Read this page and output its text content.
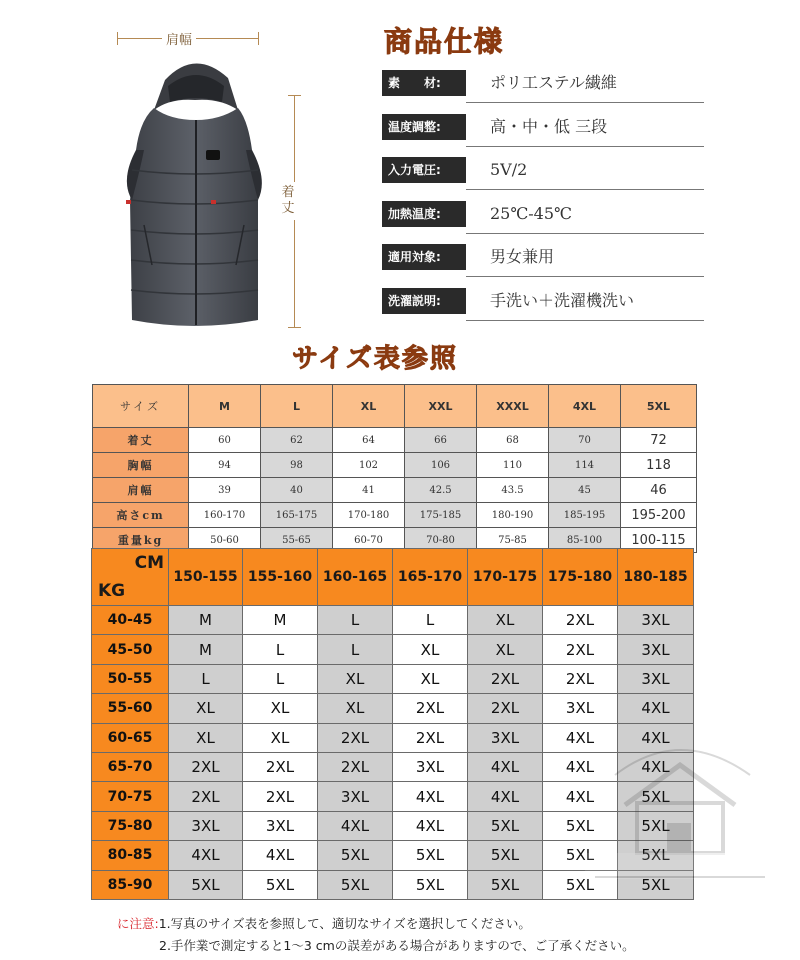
肩幅
着丈
商品仕様
素　　材:	ポリ工ステル繊維
温度調整:	高・中・低 三段
入力電圧:	5V/2
加熱温度:	25℃-45℃
適用対象:	男女兼用
洗濯説明:	手洗い＋洗濯機洗い
サイズ表参照
サイズ	M	L	XL	XXL	XXXL	4XL	5XL
着丈	60	62	64	66	68	70	72
胸幅	94	98	102	106	110	114	118
肩幅	39	40	41	42.5	43.5	45	46
高さcm	160-170	165-175	170-180	175-185	180-190	185-195	195-200
重量kg	50-60	55-65	60-70	70-80	75-85	85-100	100-115
CM
KG	150-155	155-160	160-165	165-170	170-175	175-180	180-185
40-45	M	M	L	L	XL	2XL	3XL
45-50	M	L	L	XL	XL	2XL	3XL
50-55	L	L	XL	XL	2XL	2XL	3XL
55-60	XL	XL	XL	2XL	2XL	3XL	4XL
60-65	XL	XL	2XL	2XL	3XL	4XL	4XL
65-70	2XL	2XL	2XL	3XL	4XL	4XL	4XL
70-75	2XL	2XL	3XL	4XL	4XL	4XL	5XL
75-80	3XL	3XL	4XL	4XL	5XL	5XL	5XL
80-85	4XL	4XL	5XL	5XL	5XL	5XL	5XL
85-90	5XL	5XL	5XL	5XL	5XL	5XL	5XL
に注意:1.写真のサイズ表を参照して、適切なサイズを選択してください。
2.手作業で測定すると1～3 cmの誤差がある場合がありますので、ご了承ください。
